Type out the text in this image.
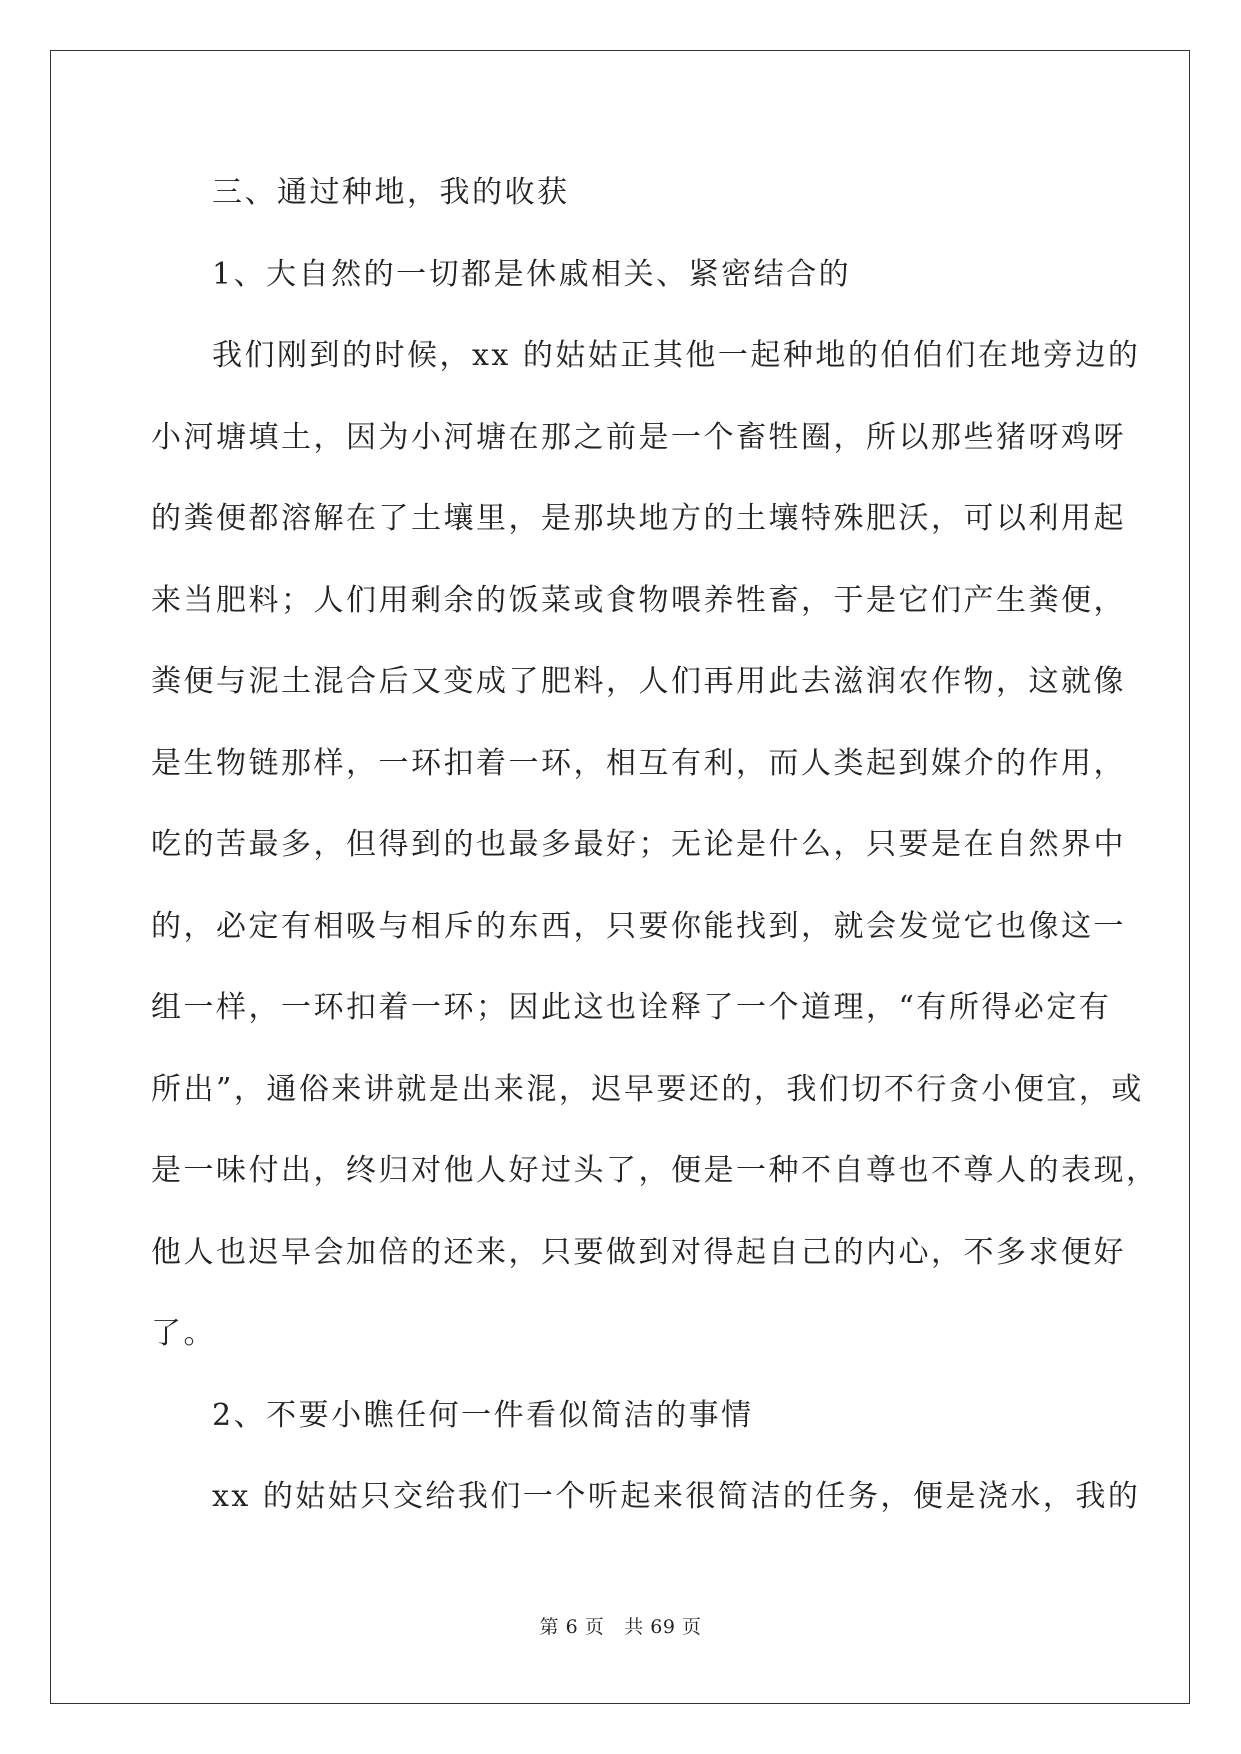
三、通过种地，我的收获
1、大自然的一切都是休戚相关、紧密结合的
我们刚到的时候，xx 的姑姑正其他一起种地的伯伯们在地旁边的
小河塘填土，因为小河塘在那之前是一个畜牲圈，所以那些猪呀鸡呀
的粪便都溶解在了土壤里，是那块地方的土壤特殊肥沃，可以利用起
来当肥料；人们用剩余的饭菜或食物喂养牲畜，于是它们产生粪便，
粪便与泥土混合后又变成了肥料，人们再用此去滋润农作物，这就像
是生物链那样，一环扣着一环，相互有利，而人类起到媒介的作用，
吃的苦最多，但得到的也最多最好；无论是什么，只要是在自然界中
的，必定有相吸与相斥的东西，只要你能找到，就会发觉它也像这一
组一样，一环扣着一环；因此这也诠释了一个道理，“有所得必定有
所出”，通俗来讲就是出来混，迟早要还的，我们切不行贪小便宜，或
是一味付出，终归对他人好过头了，便是一种不自尊也不尊人的表现，
他人也迟早会加倍的还来，只要做到对得起自己的内心，不多求便好
了。
2、不要小瞧任何一件看似简洁的事情
xx 的姑姑只交给我们一个听起来很简洁的任务，便是浇水，我的
第 6 页 共 69 页
